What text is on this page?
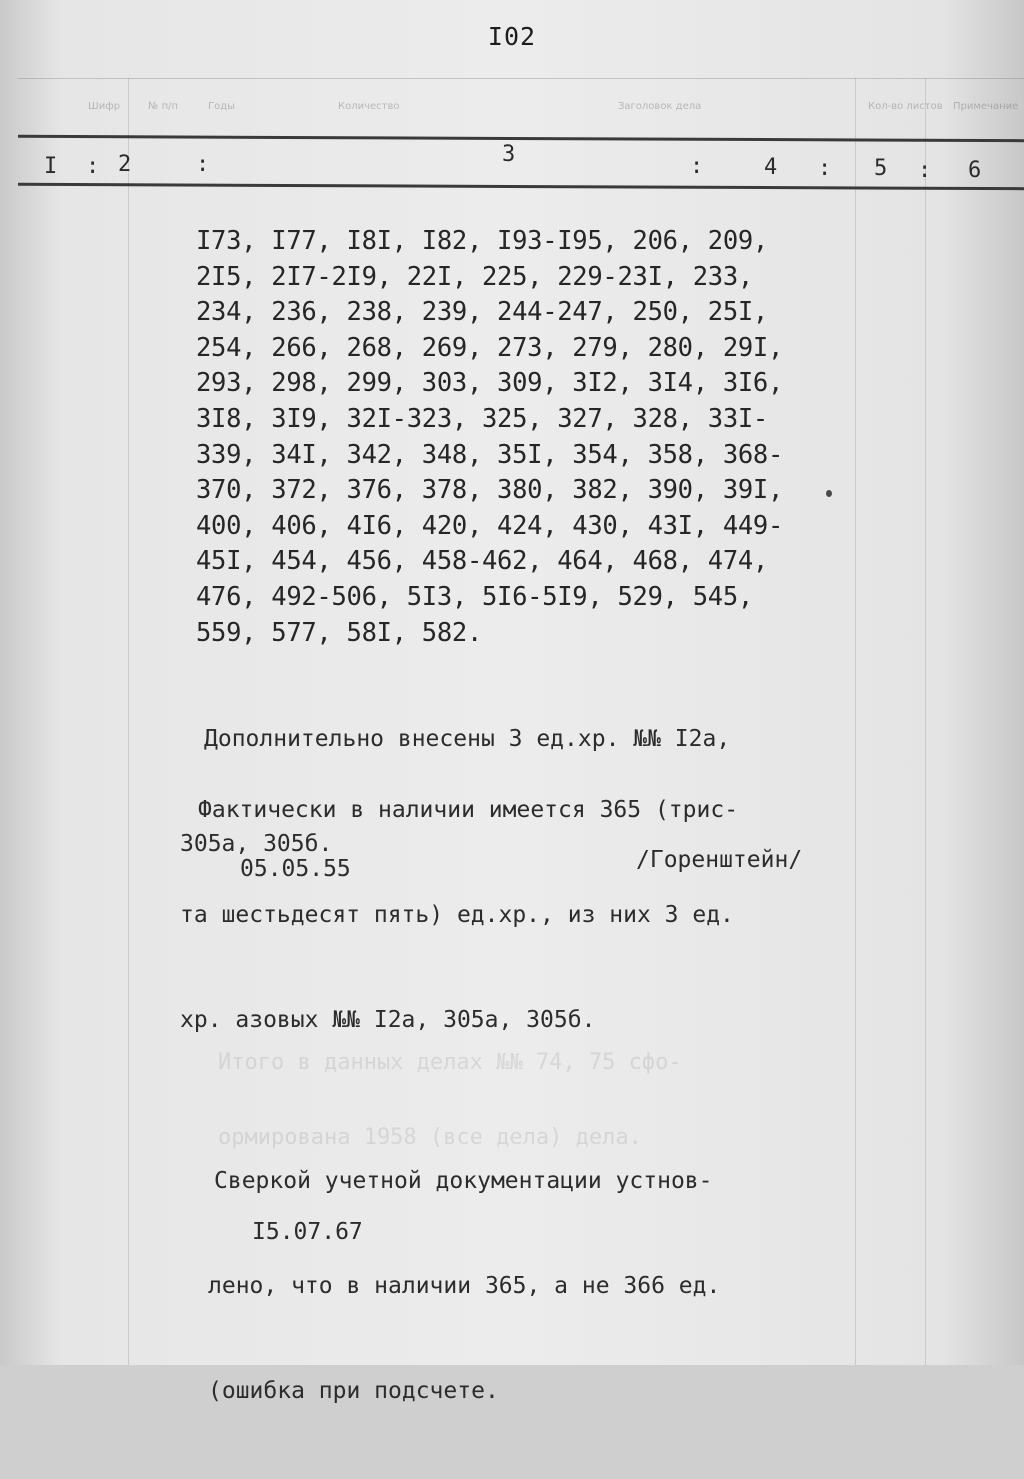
I02
Шифр	№ п/п	Годы	Количество	Заголовок дела	Кол-во листов Примечание
I : 2	:	3	:	4 : 5 : 6
I73, I77, I8I, I82, I93-I95, 206, 209,
2I5, 2I7-2I9, 22I, 225, 229-23I, 233,
234, 236, 238, 239, 244-247, 250, 25I,
254, 266, 268, 269, 273, 279, 280, 29I,
293, 298, 299, 303, 309, 3I2, 3I4, 3I6,
3I8, 3I9, 32I-323, 325, 327, 328, 33I-
339, 34I, 342, 348, 35I, 354, 358, 368-
370, 372, 376, 378, 380, 382, 390, 39I,
400, 406, 4I6, 420, 424, 430, 43I, 449-
45I, 454, 456, 458-462, 464, 468, 474,
476, 492-506, 5I3, 5I6-5I9, 529, 545,
559, 577, 58I, 582.

Дополнительно внесены 3 ед.хр. №№ I2а,

305а, 305б.

Фактически в наличии имеется 365 (трис-

та шестьдесят пять) ед.хр., из них 3 ед.

хр. азовых №№ I2а, 305а, 305б.

05.05.55	/Горенштейн/

Итого в данных делах №№ 74, 75 сфо-

ормирована 1958 (все дела) дела.

Сверкой учетной документации устнов-

лено, что в наличии 365, а не 366 ед.

(ошибка при подсчете.

I5.07.67
